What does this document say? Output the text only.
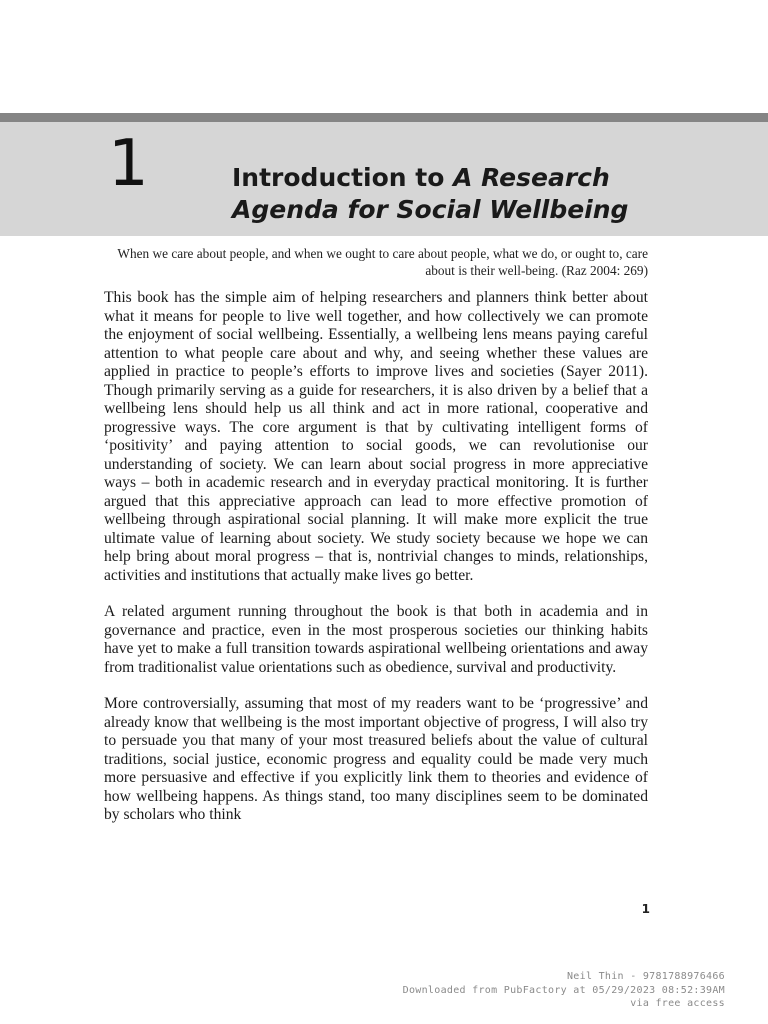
1	Introduction to A Research
Agenda for Social Wellbeing

When we care about people, and when we ought to care about people, what we do, or ought to, care about is their well-being. (Raz 2004: 269)

This book has the simple aim of helping researchers and planners think better about what it means for people to live well together, and how collectively we can promote the enjoyment of social wellbeing. Essentially, a wellbeing lens means paying careful attention to what people care about and why, and seeing whether these values are applied in practice to people’s efforts to improve lives and societies (Sayer 2011). Though primarily serving as a guide for researchers, it is also driven by a belief that a wellbeing lens should help us all think and act in more rational, cooperative and progressive ways. The core argument is that by cultivating intelligent forms of ‘positivity’ and paying attention to social goods, we can revolutionise our understanding of society. We can learn about social progress in more appreciative ways – both in academic research and in everyday practical monitoring. It is further argued that this appreciative approach can lead to more effective promotion of wellbeing through aspirational social planning. It will make more explicit the true ultimate value of learning about society. We study society because we hope we can help bring about moral progress – that is, nontrivial changes to minds, relationships, activities and institutions that actually make lives go better.

A related argument running throughout the book is that both in academia and in governance and practice, even in the most prosperous societies our thinking habits have yet to make a full transition towards aspirational wellbeing orientations and away from traditionalist value orientations such as obedience, survival and productivity.

More controversially, assuming that most of my readers want to be ‘progressive’ and already know that wellbeing is the most important objective of progress, I will also try to persuade you that many of your most treasured beliefs about the value of cultural traditions, social justice, economic progress and equality could be made very much more persuasive and effective if you explicitly link them to theories and evidence of how wellbeing happens. As things stand, too many disciplines seem to be dominated by scholars who think

1
Neil Thin - 9781788976466
Downloaded from PubFactory at 05/29/2023 08:52:39AM
via free access
